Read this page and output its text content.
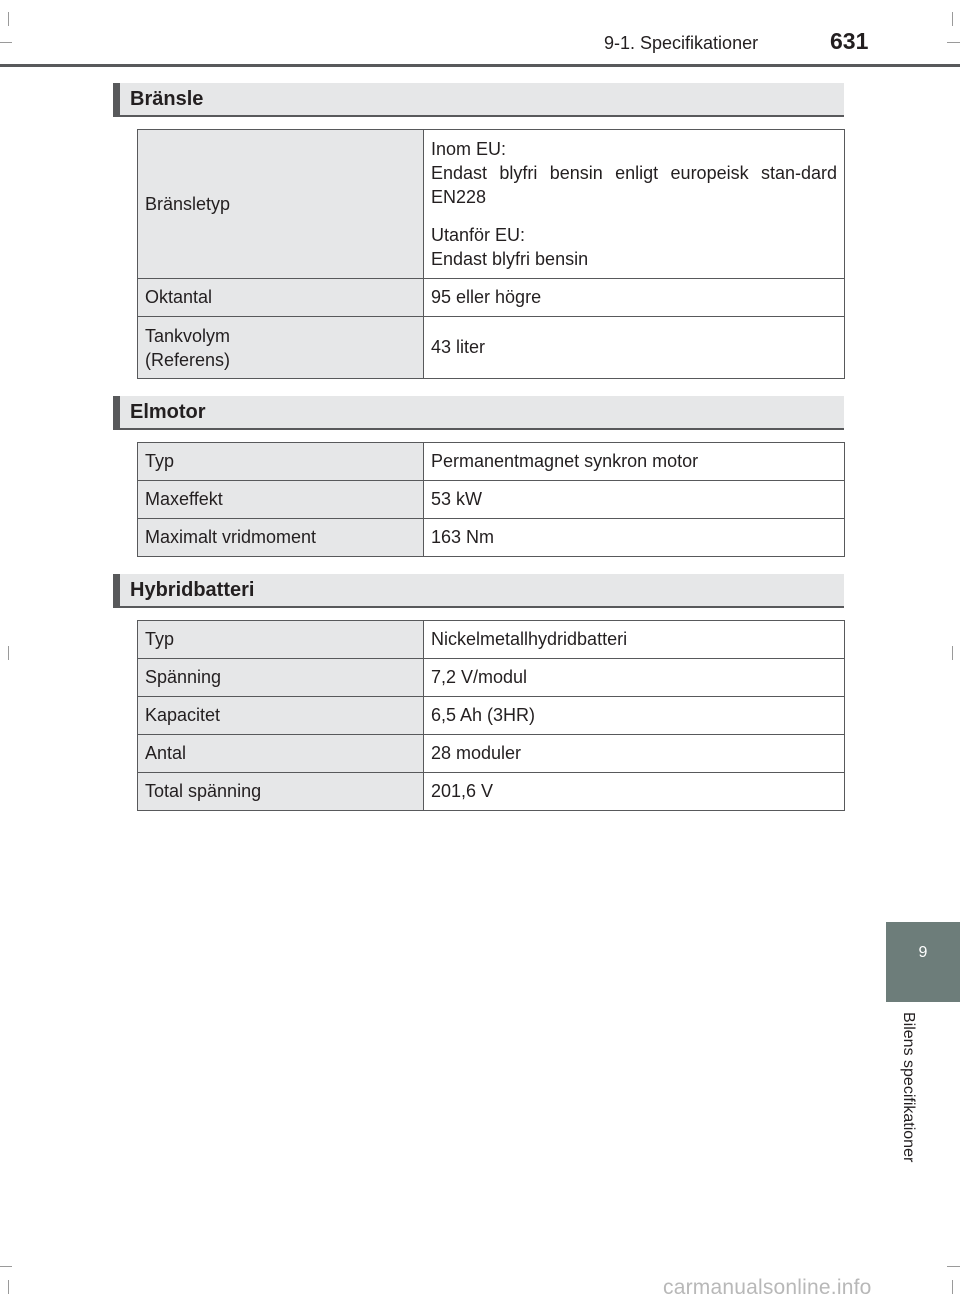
9-1. Specifikationer	631
Bränsle
Bränsletyp	Inom EU:

Endast blyfri bensin enligt europeisk stan-dard EN228

Utanför EU:

Endast blyfri bensin

Oktantal	95 eller högre

Tankvolym
(Referens)	43 liter
Elmotor
Typ	Permanentmagnet synkron motor
Maxeffekt	53 kW
Maximalt vridmoment	163 Nm
Hybridbatteri
Typ	Nickelmetallhydridbatteri
Spänning	7,2 V/modul
Kapacitet	6,5 Ah (3HR)
Antal	28 moduler
Total spänning	201,6 V
9
Bilens specifikationer
carmanualsonline.info
